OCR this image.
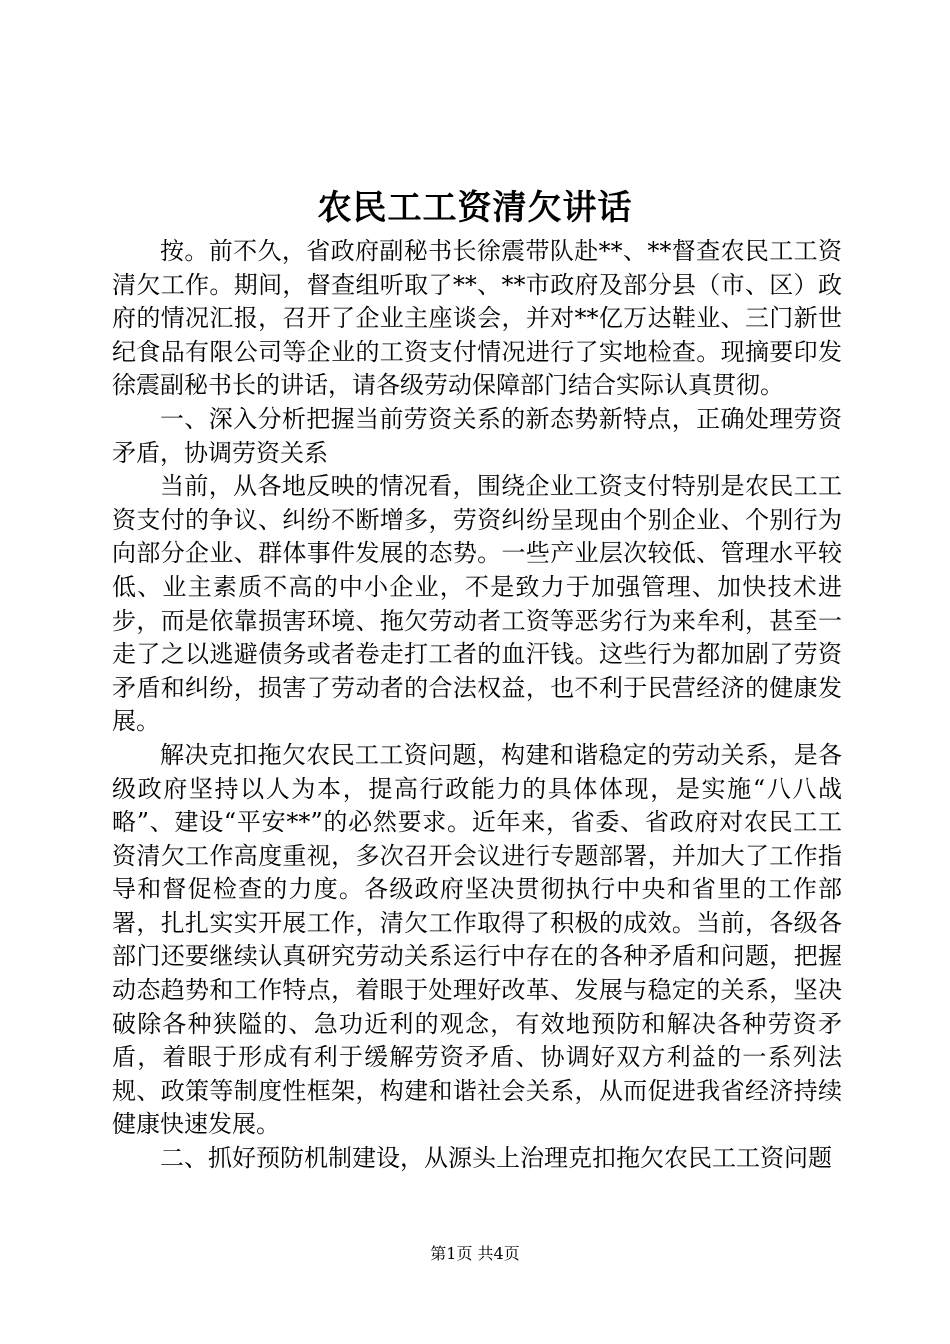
农民工工资清欠讲话

按。前不久，省政府副秘书长徐震带队赴**、**督查农民工工资清欠工作。期间，督查组听取了**、**市政府及部分县（市、区）政府的情况汇报，召开了企业主座谈会，并对**亿万达鞋业、三门新世纪食品有限公司等企业的工资支付情况进行了实地检查。现摘要印发徐震副秘书长的讲话，请各级劳动保障部门结合实际认真贯彻。

一、深入分析把握当前劳资关系的新态势新特点，正确处理劳资矛盾，协调劳资关系

当前，从各地反映的情况看，围绕企业工资支付特别是农民工工资支付的争议、纠纷不断增多，劳资纠纷呈现由个别企业、个别行为向部分企业、群体事件发展的态势。一些产业层次较低、管理水平较低、业主素质不高的中小企业，不是致力于加强管理、加快技术进步，而是依靠损害环境、拖欠劳动者工资等恶劣行为来牟利，甚至一走了之以逃避债务或者卷走打工者的血汗钱。这些行为都加剧了劳资矛盾和纠纷，损害了劳动者的合法权益，也不利于民营经济的健康发展。

解决克扣拖欠农民工工资问题，构建和谐稳定的劳动关系，是各级政府坚持以人为本，提高行政能力的具体体现，是实施“八八战略”、建设“平安**”的必然要求。近年来，省委、省政府对农民工工资清欠工作高度重视，多次召开会议进行专题部署，并加大了工作指导和督促检查的力度。各级政府坚决贯彻执行中央和省里的工作部署，扎扎实实开展工作，清欠工作取得了积极的成效。当前，各级各部门还要继续认真研究劳动关系运行中存在的各种矛盾和问题，把握动态趋势和工作特点，着眼于处理好改革、发展与稳定的关系，坚决破除各种狭隘的、急功近利的观念，有效地预防和解决各种劳资矛盾，着眼于形成有利于缓解劳资矛盾、协调好双方利益的一系列法规、政策等制度性框架，构建和谐社会关系，从而促进我省经济持续健康快速发展。

二、抓好预防机制建设，从源头上治理克扣拖欠农民工工资问题

第1页 共4页
